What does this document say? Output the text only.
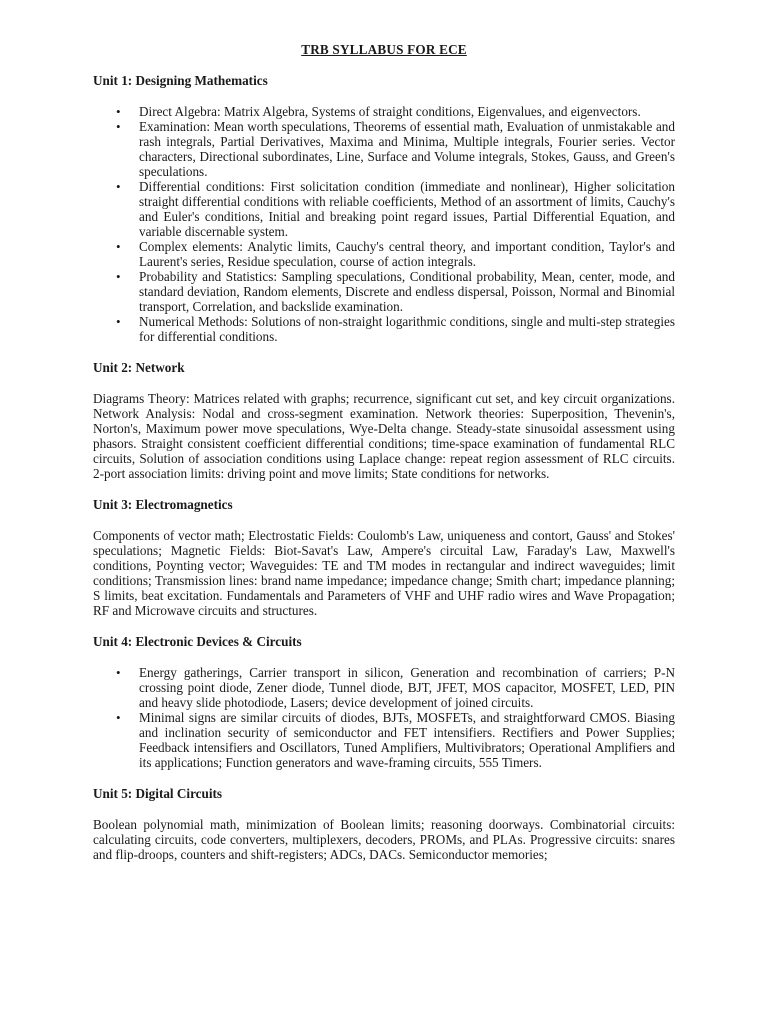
TRB SYLLABUS FOR ECE
Unit 1: Designing Mathematics
• Direct Algebra: Matrix Algebra, Systems of straight conditions, Eigenvalues, and eigenvectors.
• Examination: Mean worth speculations, Theorems of essential math, Evaluation of unmistakable and rash integrals, Partial Derivatives, Maxima and Minima, Multiple integrals, Fourier series. Vector characters, Directional subordinates, Line, Surface and Volume integrals, Stokes, Gauss, and Green's speculations.
• Differential conditions: First solicitation condition (immediate and nonlinear), Higher solicitation straight differential conditions with reliable coefficients, Method of an assortment of limits, Cauchy's and Euler's conditions, Initial and breaking point regard issues, Partial Differential Equation, and variable discernable system.
• Complex elements: Analytic limits, Cauchy's central theory, and important condition, Taylor's and Laurent's series, Residue speculation, course of action integrals.
• Probability and Statistics: Sampling speculations, Conditional probability, Mean, center, mode, and standard deviation, Random elements, Discrete and endless dispersal, Poisson, Normal and Binomial transport, Correlation, and backslide examination.
• Numerical Methods: Solutions of non-straight logarithmic conditions, single and multi-step strategies for differential conditions.
Unit 2: Network

Diagrams Theory: Matrices related with graphs; recurrence, significant cut set, and key circuit organizations. Network Analysis: Nodal and cross-segment examination. Network theories: Superposition, Thevenin's, Norton's, Maximum power move speculations, Wye-Delta change. Steady-state sinusoidal assessment using phasors. Straight consistent coefficient differential conditions; time-space examination of fundamental RLC circuits, Solution of association conditions using Laplace change: repeat region assessment of RLC circuits. 2-port association limits: driving point and move limits; State conditions for networks.

Unit 3: Electromagnetics

Components of vector math; Electrostatic Fields: Coulomb's Law, uniqueness and contort, Gauss' and Stokes' speculations; Magnetic Fields: Biot-Savat's Law, Ampere's circuital Law, Faraday's Law, Maxwell's conditions, Poynting vector; Waveguides: TE and TM modes in rectangular and indirect waveguides; limit conditions; Transmission lines: brand name impedance; impedance change; Smith chart; impedance planning; S limits, beat excitation. Fundamentals and Parameters of VHF and UHF radio wires and Wave Propagation; RF and Microwave circuits and structures.

Unit 4: Electronic Devices & Circuits
• Energy gatherings, Carrier transport in silicon, Generation and recombination of carriers; P-N crossing point diode, Zener diode, Tunnel diode, BJT, JFET, MOS capacitor, MOSFET, LED, PIN and heavy slide photodiode, Lasers; device development of joined circuits.
• Minimal signs are similar circuits of diodes, BJTs, MOSFETs, and straightforward CMOS. Biasing and inclination security of semiconductor and FET intensifiers. Rectifiers and Power Supplies; Feedback intensifiers and Oscillators, Tuned Amplifiers, Multivibrators; Operational Amplifiers and its applications; Function generators and wave-framing circuits, 555 Timers.
Unit 5: Digital Circuits

Boolean polynomial math, minimization of Boolean limits; reasoning doorways. Combinatorial circuits: calculating circuits, code converters, multiplexers, decoders, PROMs, and PLAs. Progressive circuits: snares and flip-droops, counters and shift-registers; ADCs, DACs. Semiconductor memories;
